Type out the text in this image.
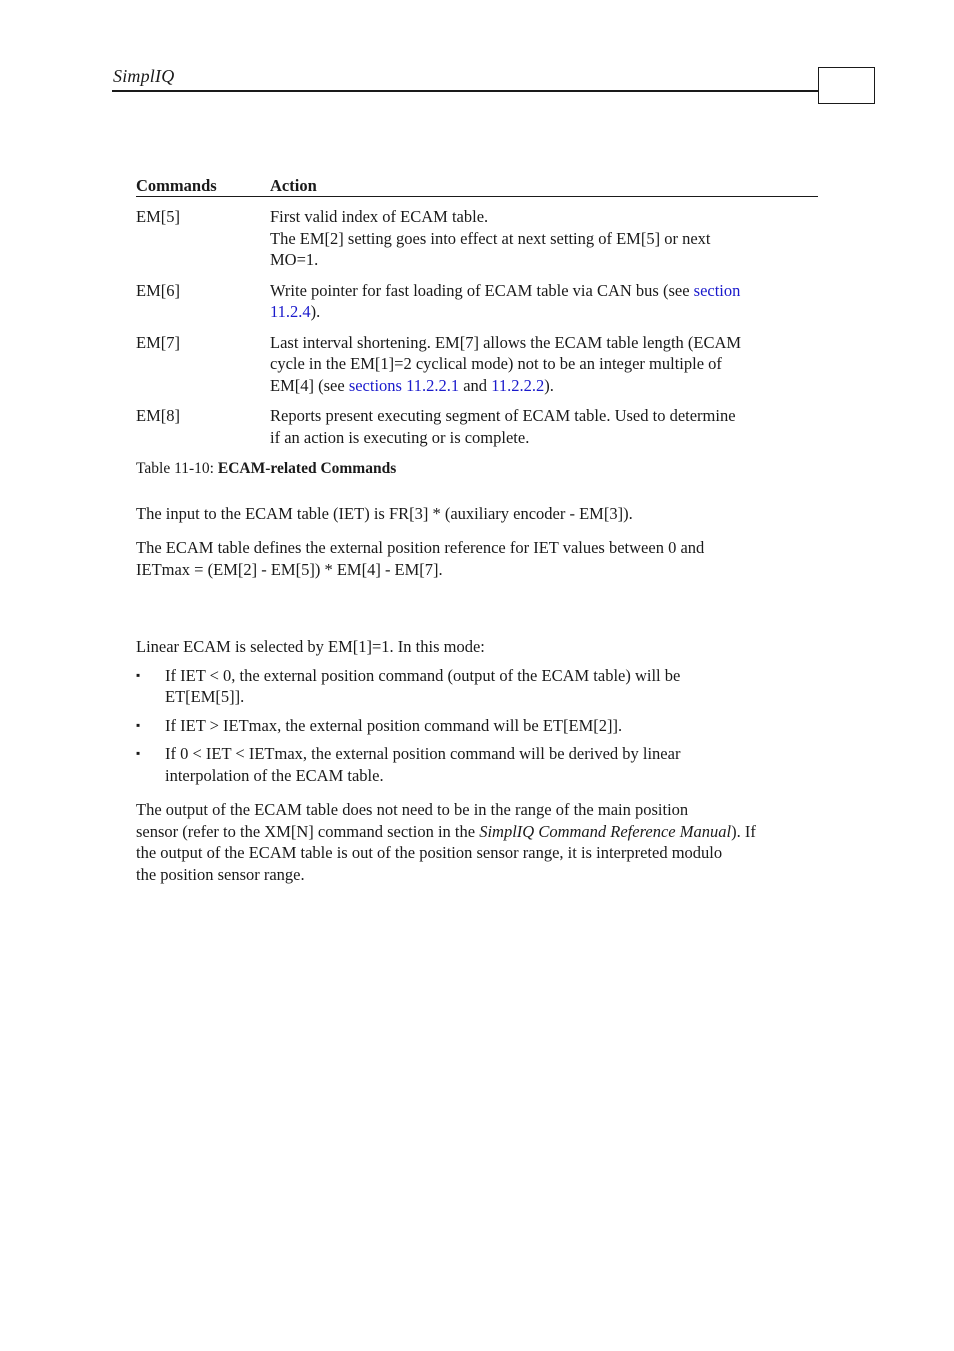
SimplIQ
Commands	Action
EM[5]	First valid index of ECAM table.
The EM[2] setting goes into effect at next setting of EM[5] or next
MO=1.

EM[6]	Write pointer for fast loading of ECAM table via CAN bus (see section
11.2.4).

EM[7]	Last interval shortening. EM[7] allows the ECAM table length (ECAM
cycle in the EM[1]=2 cyclical mode) not to be an integer multiple of
EM[4] (see sections 11.2.2.1 and 11.2.2.2).

EM[8]	Reports present executing segment of ECAM table. Used to determine
if an action is executing or is complete.
Table 11-10: ECAM-related Commands

The input to the ECAM table (IET) is FR[3] * (auxiliary encoder - EM[3]).

The ECAM table defines the external position reference for IET values between 0 and
IETmax = (EM[2] - EM[5]) * EM[4] - EM[7].

Linear ECAM is selected by EM[1]=1. In this mode:

▪ If IET < 0, the external position command (output of the ECAM table) will be
ET[EM[5]].
▪ If IET > IETmax, the external position command will be ET[EM[2]].
▪ If 0 < IET < IETmax, the external position command will be derived by linear
interpolation of the ECAM table.

The output of the ECAM table does not need to be in the range of the main position
sensor (refer to the XM[N] command section in the SimplIQ Command Reference Manual). If
the output of the ECAM table is out of the position sensor range, it is interpreted modulo
the position sensor range.
